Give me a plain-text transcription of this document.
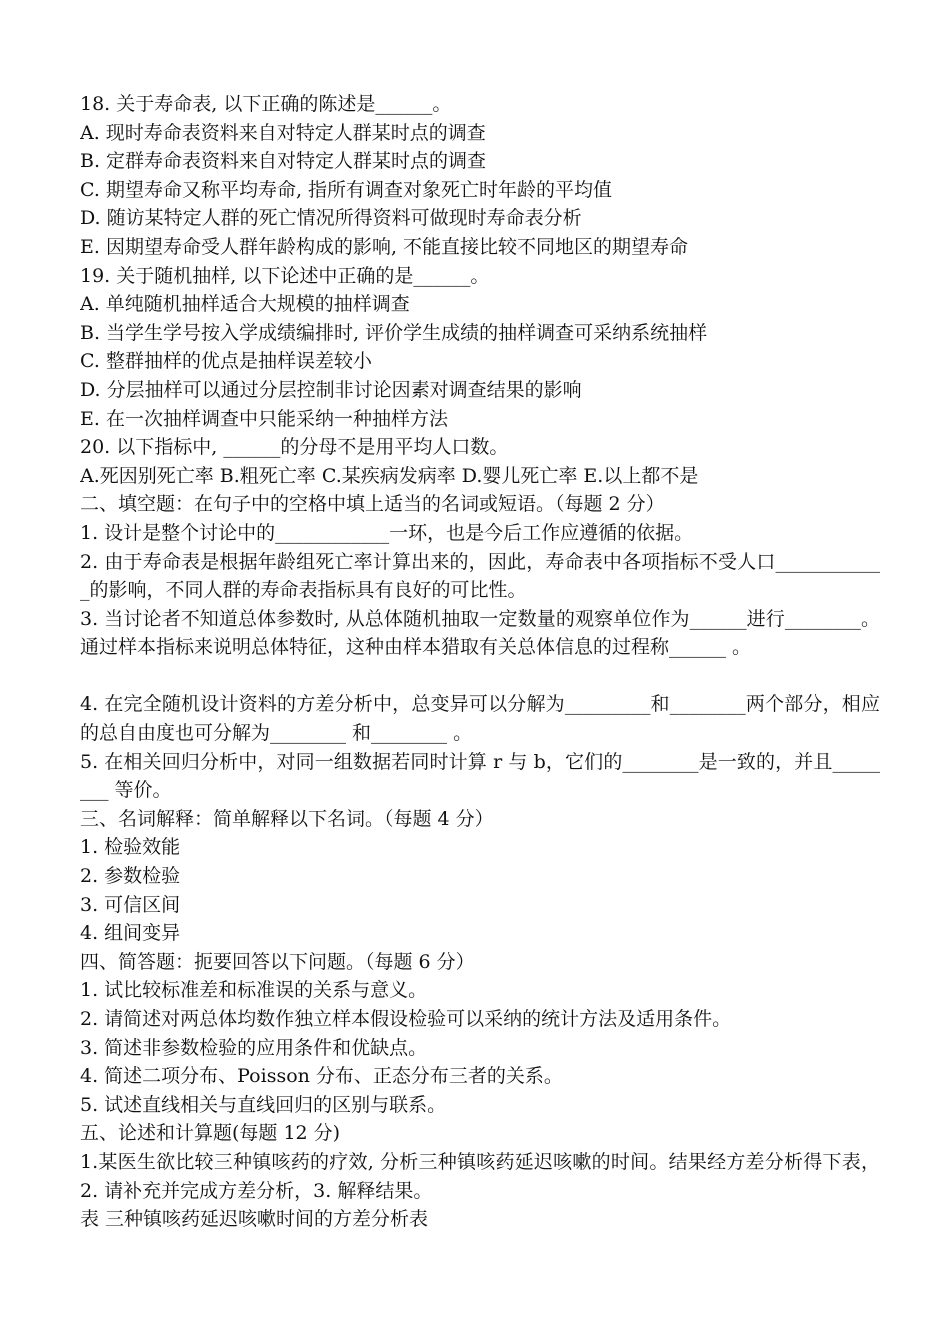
18. 关于寿命表, 以下正确的陈述是______。
A. 现时寿命表资料来自对特定人群某时点的调查
B. 定群寿命表资料来自对特定人群某时点的调查
C. 期望寿命又称平均寿命, 指所有调查对象死亡时年龄的平均值
D. 随访某特定人群的死亡情况所得资料可做现时寿命表分析
E. 因期望寿命受人群年龄构成的影响, 不能直接比较不同地区的期望寿命
19. 关于随机抽样, 以下论述中正确的是______。
A. 单纯随机抽样适合大规模的抽样调查
B. 当学生学号按入学成绩编排时, 评价学生成绩的抽样调查可采纳系统抽样
C. 整群抽样的优点是抽样误差较小
D. 分层抽样可以通过分层控制非讨论因素对调查结果的影响
E. 在一次抽样调查中只能采纳一种抽样方法
20. 以下指标中, ______的分母不是用平均人口数。
A.死因别死亡率 B.粗死亡率 C.某疾病发病率 D.婴儿死亡率 E.以上都不是
二、填空题：在句子中的空格中填上适当的名词或短语。（每题 2 分）
1. 设计是整个讨论中的____________一环，也是今后工作应遵循的依据。
2. 由于寿命表是根据年龄组死亡率计算出来的，因此，寿命表中各项指标不受人口____________的影响，不同人群的寿命表指标具有良好的可比性。
3. 当讨论者不知道总体参数时, 从总体随机抽取一定数量的观察单位作为______进行________。 通过样本指标来说明总体特征，这种由样本猎取有关总体信息的过程称______ 。
4. 在完全随机设计资料的方差分析中，总变异可以分解为_________和________两个部分，相应的总自由度也可分解为________ 和________ 。
5. 在相关回归分析中，对同一组数据若同时计算 r 与 b，它们的________是一致的，并且________ 等价。
三、名词解释：简单解释以下名词。（每题 4 分）
1. 检验效能
2. 参数检验
3. 可信区间
4. 组间变异
四、简答题：扼要回答以下问题。（每题 6 分）
1. 试比较标准差和标准误的关系与意义。
2. 请简述对两总体均数作独立样本假设检验可以采纳的统计方法及适用条件。
3. 简述非参数检验的应用条件和优缺点。
4. 简述二项分布、Poisson 分布、正态分布三者的关系。
5. 试述直线相关与直线回归的区别与联系。
五、论述和计算题(每题 12 分)
1.某医生欲比较三种镇咳药的疗效, 分析三种镇咳药延迟咳嗽的时间。结果经方差分析得下表，2. 请补充并完成方差分析，3. 解释结果。
表 三种镇咳药延迟咳嗽时间的方差分析表
